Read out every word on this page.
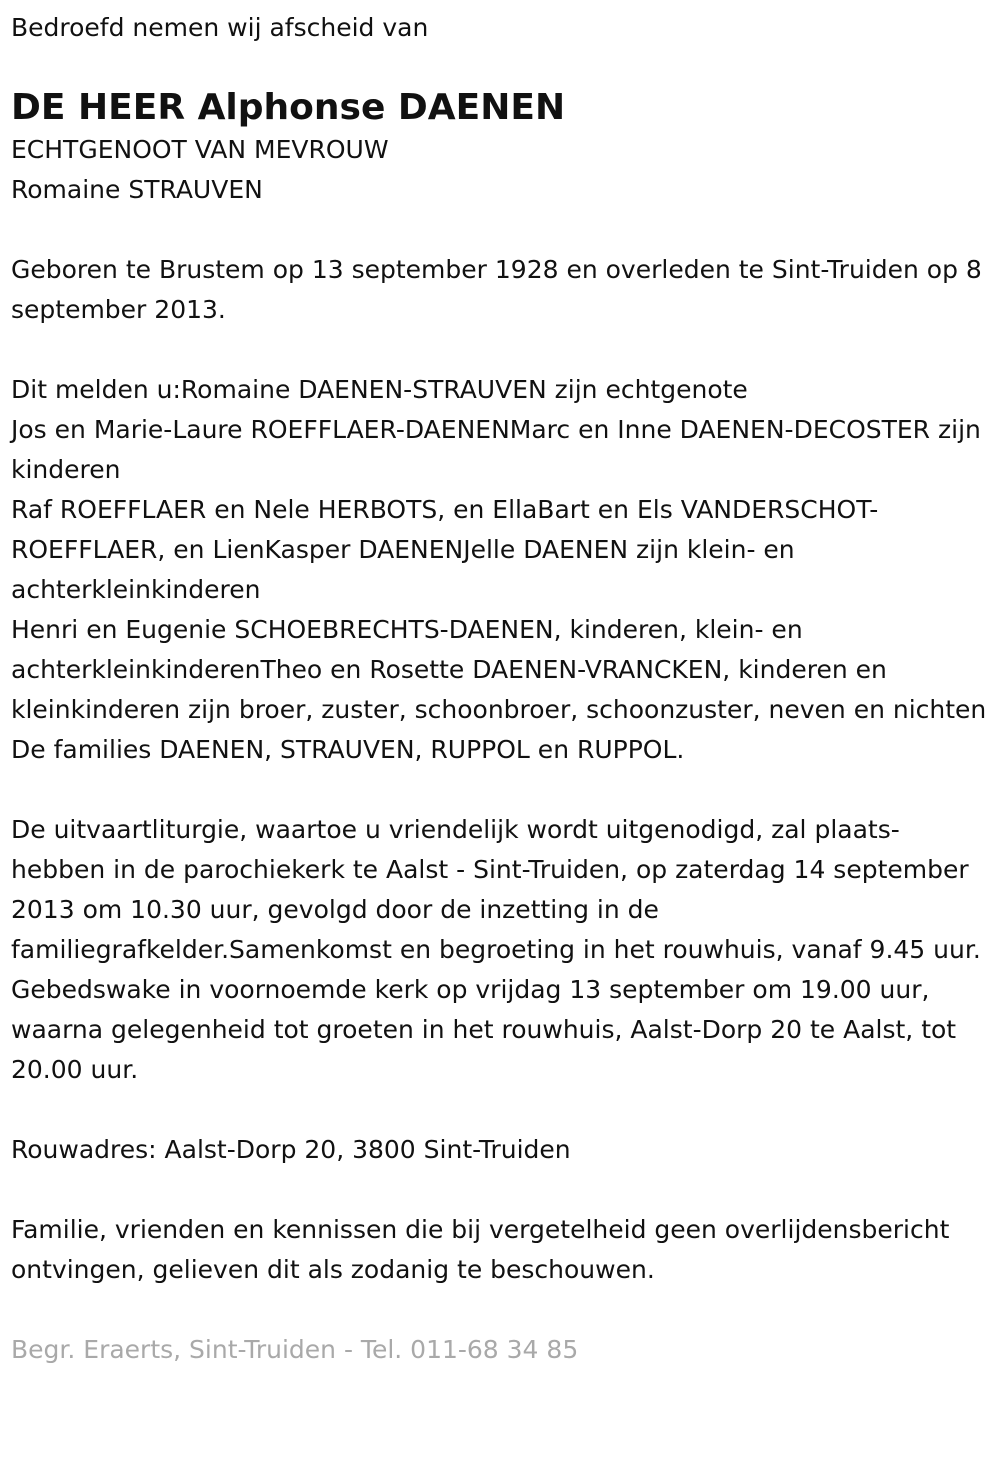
Bedroefd nemen wij afscheid van

DE HEER Alphonse DAENEN

ECHTGENOOT VAN MEVROUW

Romaine STRAUVEN

Geboren te Brustem op 13 september 1928 en overleden te Sint-Truiden op 8 september 2013.

Dit melden u:Romaine DAENEN-STRAUVEN zijn echtgenote

Jos en Marie-Laure ROEFFLAER-DAENENMarc en Inne DAENEN-DECOSTER zijn kinderen

Raf ROEFFLAER en Nele HERBOTS, en EllaBart en Els VANDERSCHOT-ROEFFLAER, en LienKasper DAENENJelle DAENEN zijn klein- en achterkleinkinderen

Henri en Eugenie SCHOEBRECHTS-DAENEN, kinderen, klein- en achterkleinkinderenTheo en Rosette DAENEN-VRANCKEN, kinderen en kleinkinderen zijn broer, zuster, schoonbroer, schoonzuster, neven en nichten

De families DAENEN, STRAUVEN, RUPPOL en RUPPOL.

De uitvaartliturgie, waartoe u vriendelijk wordt uitgenodigd, zal plaats-hebben in de parochiekerk te Aalst - Sint-Truiden, op zaterdag 14 september 2013 om 10.30 uur, gevolgd door de inzetting in de familiegrafkelder.Samenkomst en begroeting in het rouwhuis, vanaf 9.45 uur.

Gebedswake in voornoemde kerk op vrijdag 13 september om 19.00 uur, waarna gelegenheid tot groeten in het rouwhuis, Aalst-Dorp 20 te Aalst, tot 20.00 uur.

Rouwadres: Aalst-Dorp 20, 3800 Sint-Truiden

Familie, vrienden en kennissen die bij vergetelheid geen overlijdensbericht ontvingen, gelieven dit als zodanig te beschouwen.

Begr. Eraerts, Sint-Truiden - Tel. 011-68 34 85
